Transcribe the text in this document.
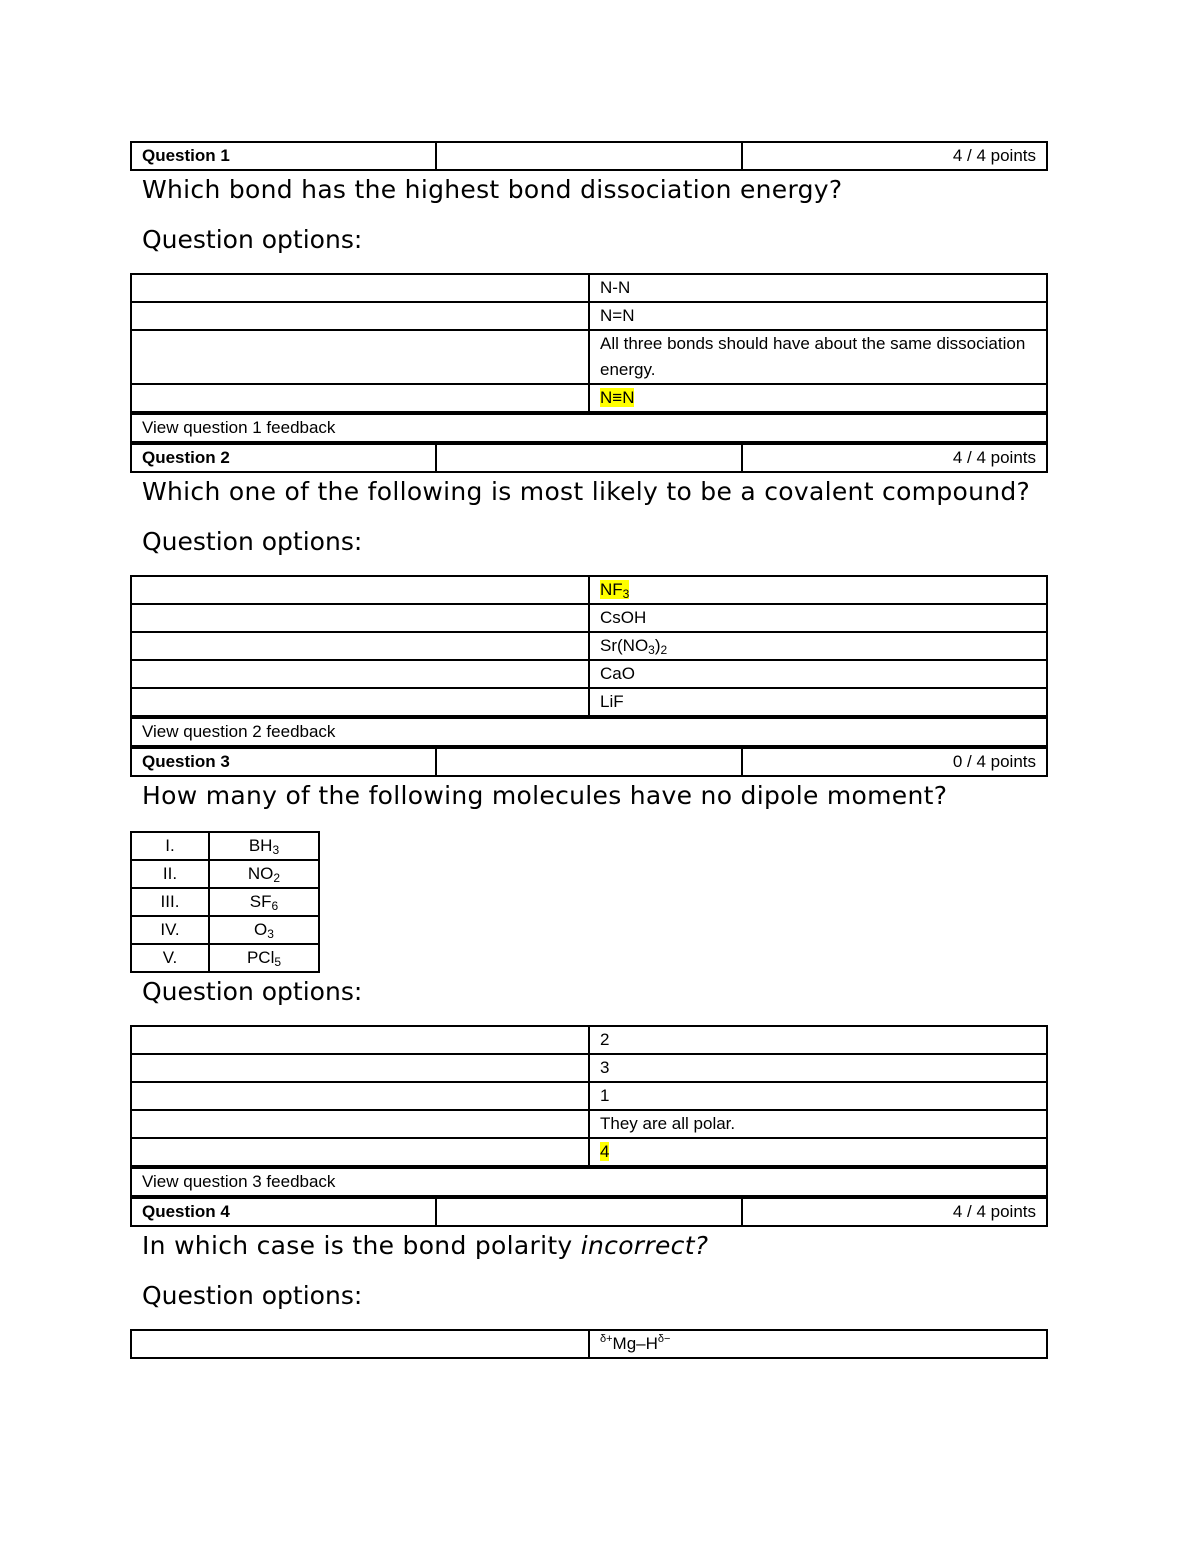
Question 1		4 / 4 points
Which bond has the highest bond dissociation energy?
Question options:
	N-N
	N=N
	All three bonds should have about the same dissociation energy.
	N≡N
View question 1 feedback
Question 2		4 / 4 points
Which one of the following is most likely to be a covalent compound?
Question options:
	$NF_3$
	CsOH
	$Sr(NO_3)_2$
	CaO
	LiF
View question 2 feedback
Question 3		0 / 4 points
How many of the following molecules have no dipole moment?
I.	$BH_3$
II.	$NO_2$
III.	$SF_6$
IV.	$O_3$
V.	PCl$_5$
Question options:
	2
	3
	1
	They are all polar.
	4
View question 3 feedback
Question 4		4 / 4 points
In which case is the bond polarity incorrect?
Question options:
	$^{\delta+}Mg-H^{\delta-}$
